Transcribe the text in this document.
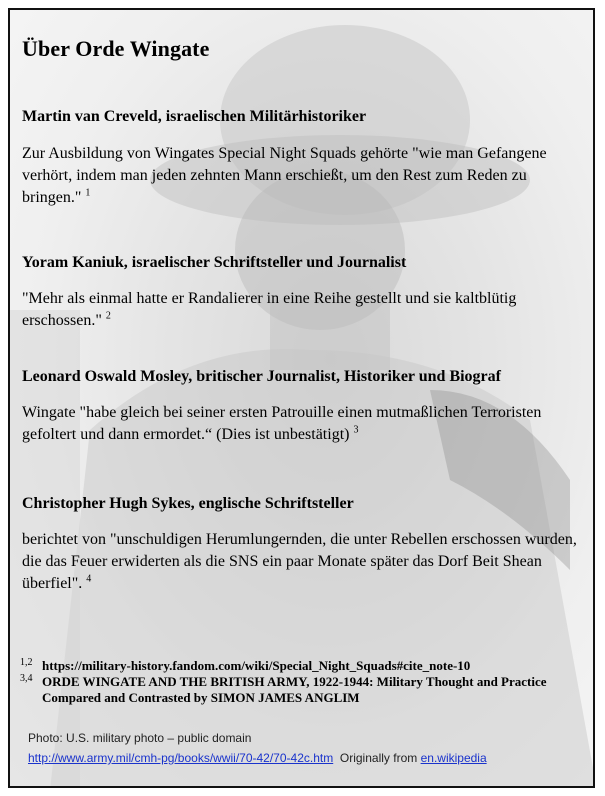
Über Orde Wingate
Martin van Creveld, israelischen Militärhistoriker
Zur Ausbildung von Wingates Special Night Squads gehörte "wie man Gefangene verhört, indem man jeden zehnten Mann erschießt, um den Rest zum Reden zu bringen." $^1$
Yoram Kaniuk, israelischer Schriftsteller und Journalist
"Mehr als einmal hatte er Randalierer in eine Reihe gestellt und sie kaltblütig erschossen." $^2$
Leonard Oswald Mosley, britischer Journalist, Historiker und Biograf
Wingate "habe gleich bei seiner ersten Patrouille einen mutmaßlichen Terroristen gefoltert und dann ermordet.“ (Dies ist unbestätigt) $^3$
Christopher Hugh Sykes, englische Schriftsteller
berichtet von "unschuldigen Herumlungernden, die unter Rebellen erschossen wurden, die das Feuer erwiderten als die SNS ein paar Monate später das Dorf Beit Shean überfiel". $^4$
1,2 https://military-history.fandom.com/wiki/Special_Night_Squads#cite_note-10
3,4 ORDE WINGATE AND THE BRITISH ARMY, 1922-1944: Military Thought and Practice Compared and Contrasted by SIMON JAMES ANGLIM
Photo: U.S. military photo – public domain
http://www.army.mil/cmh-pg/books/wwii/70-42/70-42c.htm Originally from en.wikipedia
